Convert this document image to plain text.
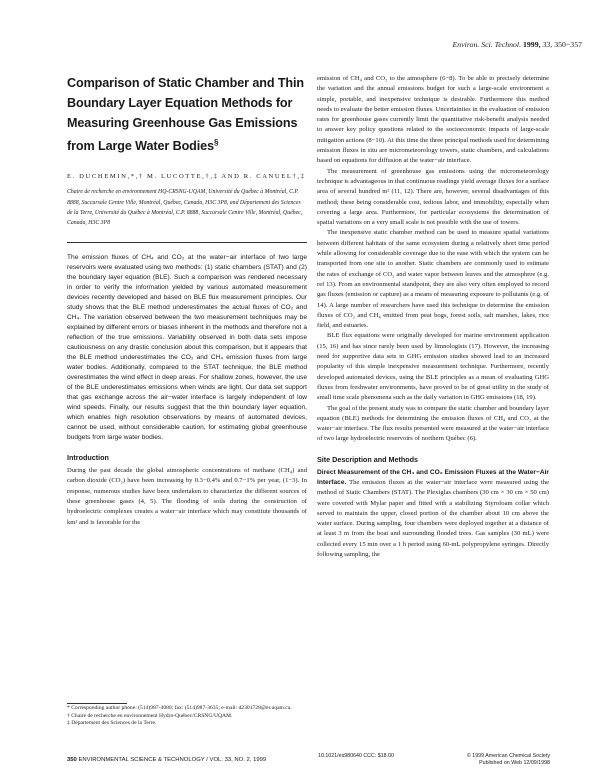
Environ. Sci. Technol. 1999, 33, 350−357
Comparison of Static Chamber and Thin Boundary Layer Equation Methods for Measuring Greenhouse Gas Emissions from Large Water Bodies§
E. DUCHEMIN,*,† M. LUCOTTE,†,‡ AND R. CANUEL†,‡
Chaire de recherche en environnement HQ-CRSNG-UQAM, Université du Québec à Montréal, C.P. 8888, Succursale Centre Ville, Montréal, Québec, Canada, H3C 3P8, and Département des Sciences de la Terre, Université du Québec à Montréal, C.P. 8888, Succursale Centre Ville, Montréal, Québec, Canada, H3C 3P8

The emission fluxes of CH₄ and CO₂ at the water−air interface of two large reservoirs were evaluated using two methods: (1) static chambers (STAT) and (2) the boundary layer equation (BLE). Such a comparison was rendered necessary in order to verify the information yielded by various automated measurement devices recently developed and based on BLE flux measurement principles. Our study shows that the BLE method underestimates the actual fluxes of CO₂ and CH₄. The variation observed between the two measurement techniques may be explained by different errors or biases inherent in the methods and therefore not a reflection of the true emissions. Variability observed in both data sets impose cautiousness on any drastic conclusion about this comparison, but it appears that the BLE method underestimates the CO₂ and CH₄ emission fluxes from large water bodies. Additionally, compared to the STAT technique, the BLE method overestimates the wind effect in deep areas. For shallow zones, however, the use of the BLE underestimates emissions when winds are light. Our data set support that gas exchange across the air−water interface is largely independent of low wind speeds. Finally, our results suggest that the thin boundary layer equation, which enables high resolution observations by means of automated devices, cannot be used, without considerable caution, for estimating global greenhouse budgets from large water bodies.

Introduction

During the past decade the global atmospheric concentrations of methane (CH₄) and carbon dioxide (CO₂) have been increasing by 0.3−0.4% and 0.7−1% per year, (1−3). In response, numerous studies have been undertaken to characterize the different sources of these greenhouse gases (4, 5). The flooding of soils during the construction of hydroelectric complexes creates a water−air interface which may constitute thousands of km² and is favorable for the

* Corresponding author phone: (514)987-4080; fax: (514)987-3635; e-mail: d2301728@er.uqam.ca.

† Chaire de recherche en environnement Hydro-Québec/CRSNG/UQAM.

‡ Département des Sciences de la Terre.

emission of CH₄ and CO₂ to the atmosphere (6−8). To be able to precisely determine the variation and the annual emissions budget for such a large-scale environment a simple, portable, and inexpensive technique is desirable. Furthermore this method needs to evaluate the better emission fluxes. Uncertainties in the evaluation of emission rates for greenhouse gases currently limit the quantitative risk-benefit analysis needed to answer key policy questions related to the socioeconomic impacts of large-scale mitigation actions (8−10). At this time the three principal methods used for determining emission fluxes in situ are micrometeorology towers, static chambers, and calculations based on equations for diffusion at the water−air interface.

The measurement of greenhouse gas emissions using the micrometeorology technique is advantageous in that continuous readings yield average fluxes for a surface area of several hundred m² (11, 12). There are, however, several disadvantages of this method; these being considerable cost, tedious labor, and immobility, especially when covering a large area. Furthermore, for particular ecosystems the determination of spatial variations on a very small scale is not possible with the use of towers.

The inexpensive static chamber method can be used to measure spatial variations between different habitats of the same ecosystem during a relatively short time period while allowing for considerable coverage due to the ease with which the system can be transported from one site to another. Static chambers are commonly used to estimate the rates of exchange of CO₂ and water vapor between leaves and the atmosphere (e.g. ref 13). From an environmental standpoint, they are also very often employed to record gas fluxes (emission or capture) as a means of measuring exposure to pollutants (e.g. of 14). A large number of researchers have used this technique to determine the emission fluxes of CO₂ and CH₄ emitted from peat bogs, forest soils, salt marshes, lakes, rice field, and estuaries.

BLE flux equations were originally developed for marine environment application (15, 16) and has since rarely been used by limnologists (17). However, the increasing need for supportive data sets in GHG emission studies showed lead to an increased popularity of this simple inexpensive measurement technique. Furthermore, recently developed automated devices, using the BLE principles as a mean of evaluating GHG fluxes from freshwater environments, have proved to be of great utility in the study of small time scale phenomena such as the daily variation in GHG emissions (18, 19).

The goal of the present study was to compare the static chamber and boundary layer equation (BLE) methods for determining the emission fluxes of CH₄ and CO₂ at the water−air interface. The flux results presented were measured at the water−air interface of two large hydroelectric reservoirs of northern Québec (6).

Site Description and Methods

Direct Measurement of the CH₄ and CO₂ Emission Fluxes at the Water−Air Interface. The emission fluxes at the water−air interface were measured using the method of Static Chambers (STAT). The Plexiglas chambers (30 cm × 30 cm × 50 cm) were covered with Mylar paper and fitted with a stabilizing Styrofoam collar which served to maintain the upper, closed portion of the chamber about 10 cm above the water surface. During sampling, four chambers were deployed together at a distance of at least 3 m from the boat and surrounding flooded trees. Gas samples (30 mL) were collected every 15 min over a 1 h period using 60-mL polypropylene syringes. Directly following sampling, the

350 ENVIRONMENTAL SCIENCE & TECHNOLOGY / VOL. 33, NO. 2, 1999
10.1021/es980640 CCC: $18.00	© 1999 American Chemical Society
Published on Web 12/09/1998
